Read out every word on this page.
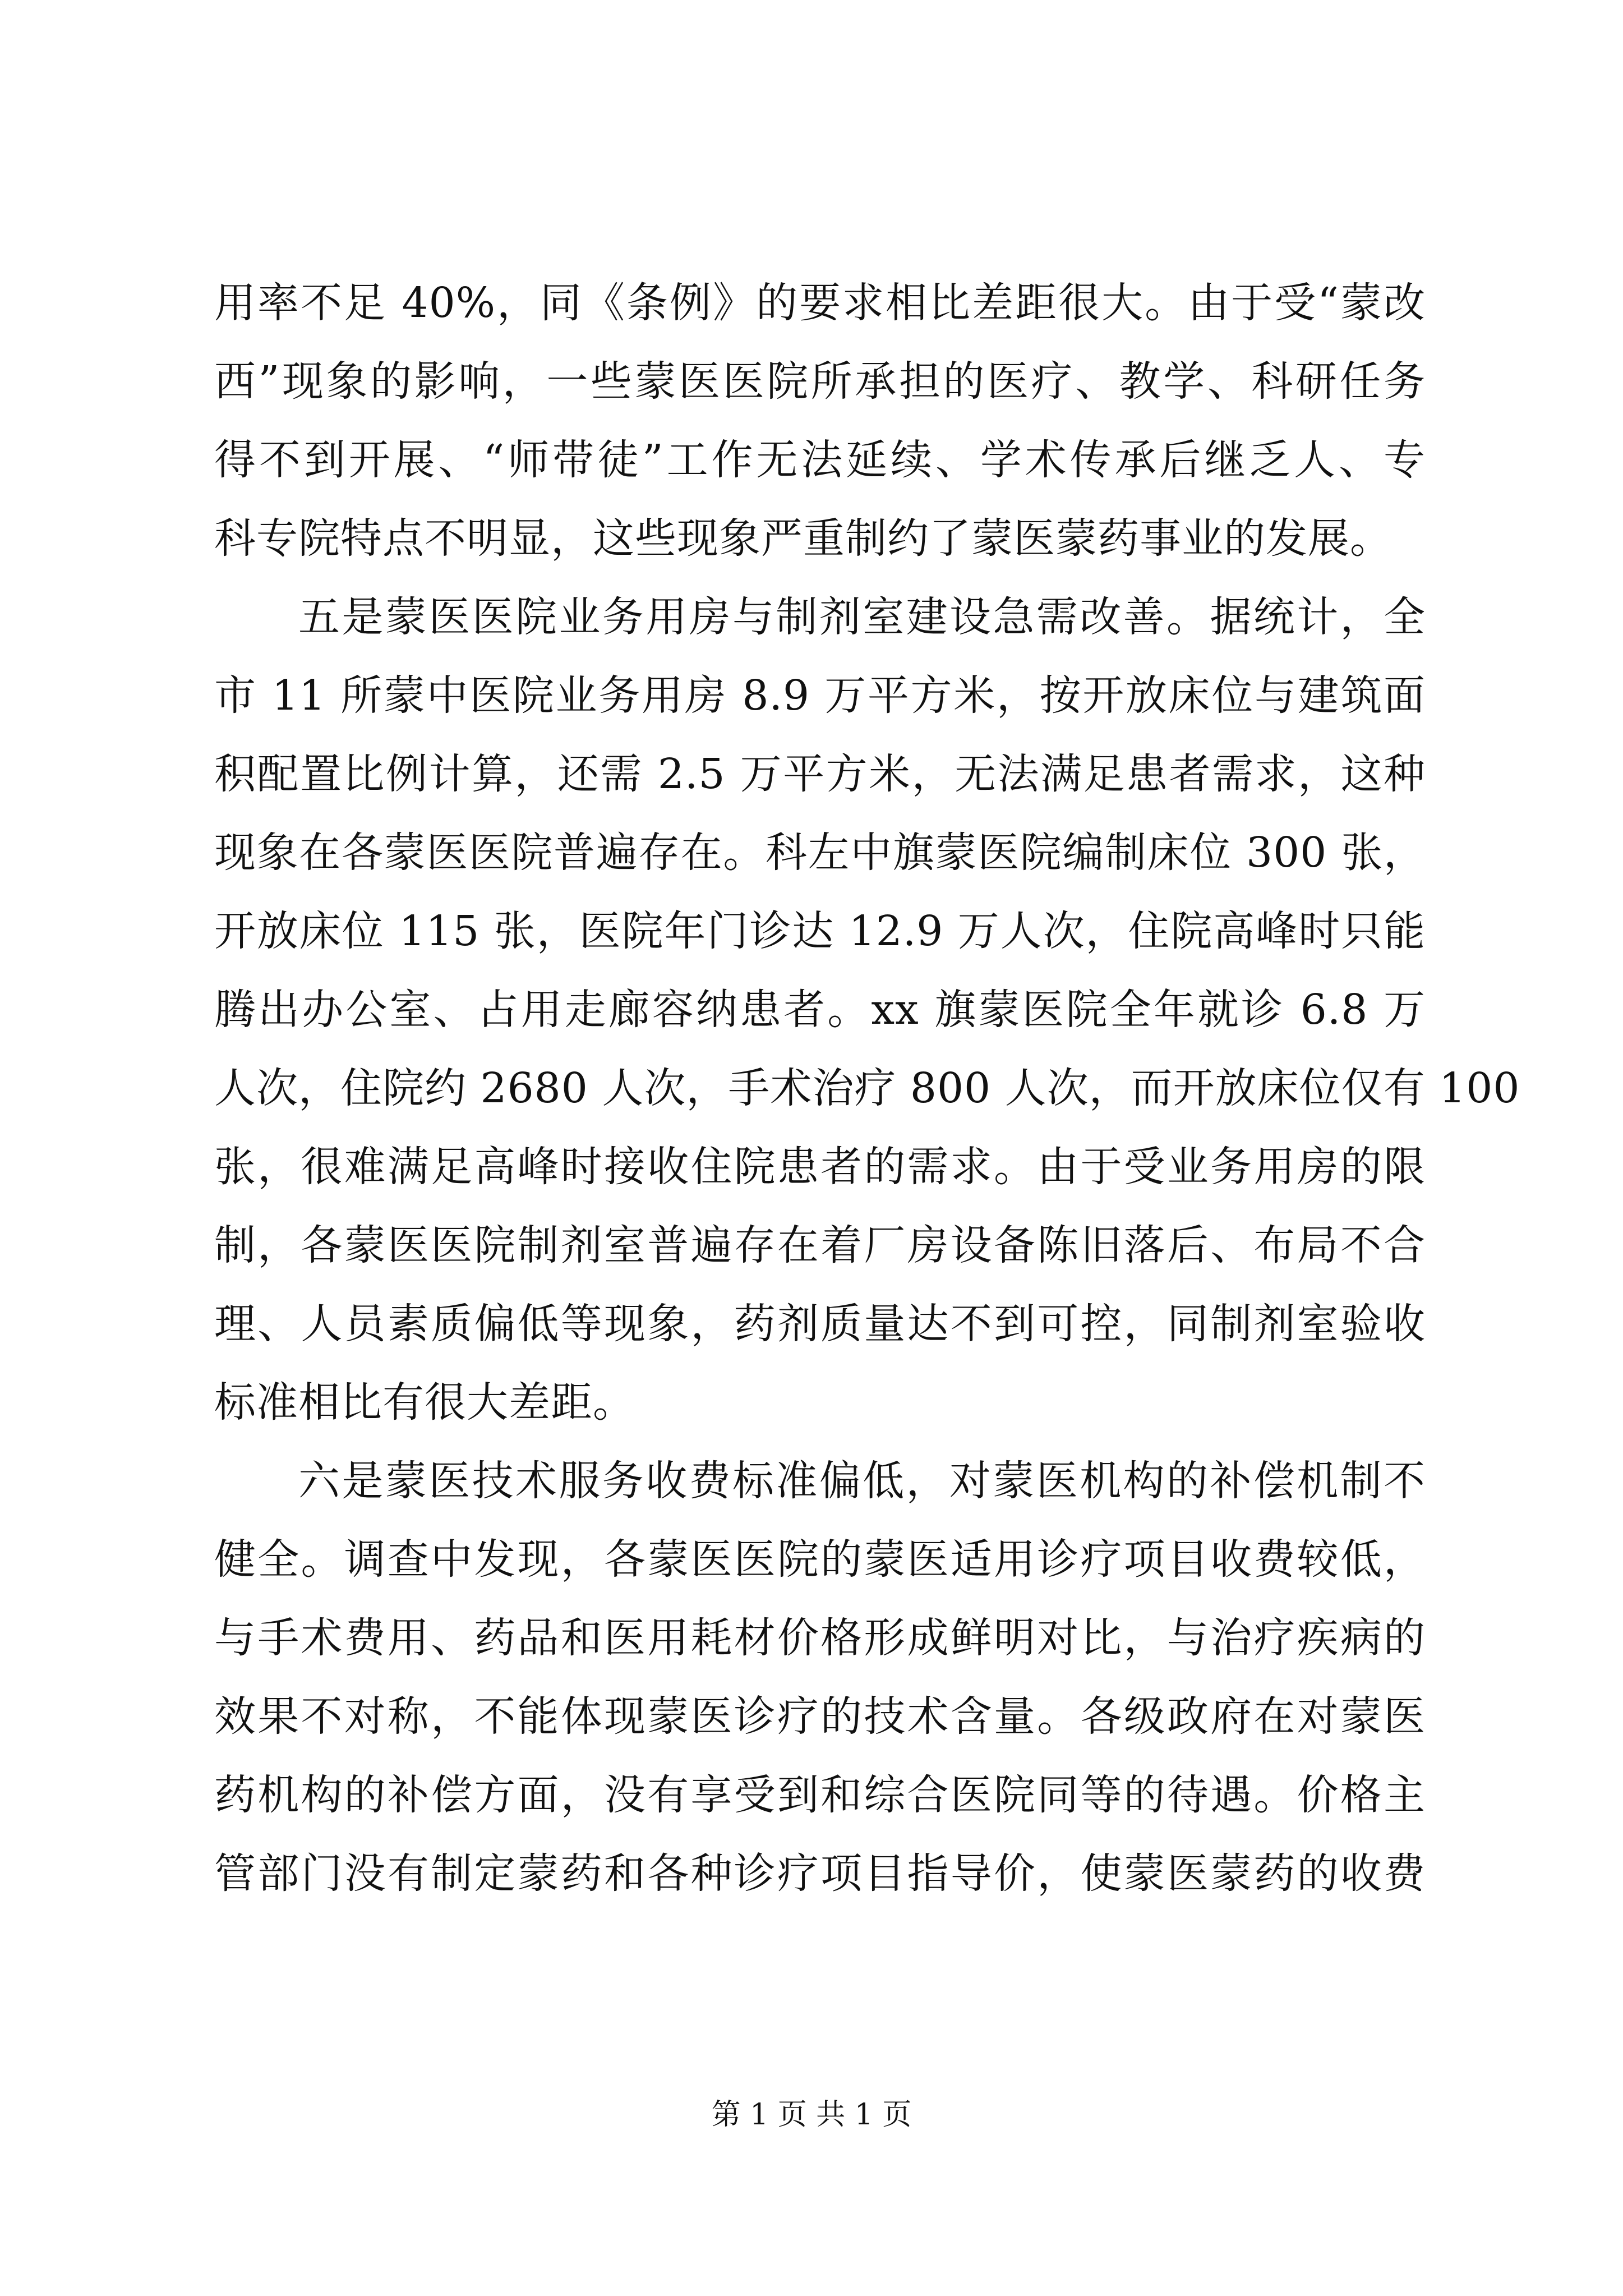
用率不足 40%，同《条例》的要求相比差距很大。由于受“蒙改
西”现象的影响，一些蒙医医院所承担的医疗、教学、科研任务
得不到开展、“师带徒”工作无法延续、学术传承后继乏人、专
科专院特点不明显，这些现象严重制约了蒙医蒙药事业的发展。
五是蒙医医院业务用房与制剂室建设急需改善。据统计，全
市 11 所蒙中医院业务用房 8.9 万平方米，按开放床位与建筑面
积配置比例计算，还需 2.5 万平方米，无法满足患者需求，这种
现象在各蒙医医院普遍存在。科左中旗蒙医院编制床位 300 张，
开放床位 115 张，医院年门诊达 12.9 万人次，住院高峰时只能
腾出办公室、占用走廊容纳患者。xx 旗蒙医院全年就诊 6.8 万
人次，住院约 2680 人次，手术治疗 800 人次，而开放床位仅有 100
张，很难满足高峰时接收住院患者的需求。由于受业务用房的限
制，各蒙医医院制剂室普遍存在着厂房设备陈旧落后、布局不合
理、人员素质偏低等现象，药剂质量达不到可控，同制剂室验收
标准相比有很大差距。
六是蒙医技术服务收费标准偏低，对蒙医机构的补偿机制不
健全。调查中发现，各蒙医医院的蒙医适用诊疗项目收费较低，
与手术费用、药品和医用耗材价格形成鲜明对比，与治疗疾病的
效果不对称，不能体现蒙医诊疗的技术含量。各级政府在对蒙医
药机构的补偿方面，没有享受到和综合医院同等的待遇。价格主
管部门没有制定蒙药和各种诊疗项目指导价，使蒙医蒙药的收费
第 1 页 共 1 页
